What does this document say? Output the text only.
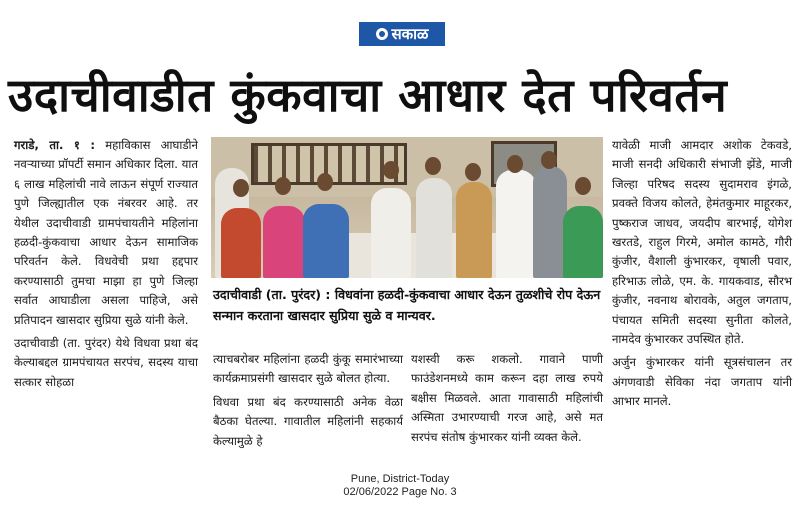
सकाळ
उदाचीवाडीत कुंकवाचा आधार देत परिवर्तन

गराडे, ता. १ : महाविकास आघाडीने नवऱ्याच्या प्रॉपर्टी समान अधिकार दिला. यात ६ लाख महिलांची नावे लाऊन संपूर्ण राज्यात पुणे जिल्ह्यातील एक नंबरवर आहे. तर येथील उदाचीवाडी ग्रामपंचायतीने महिलांना हळदी-कुंकवाचा आधार देऊन सामाजिक परिवर्तन केले. विधवेची प्रथा हद्दपार करण्यासाठी तुमचा माझा हा पुणे जिल्हा सर्वात आघाडीला असला पाहिजे, असे प्रतिपादन खासदार सुप्रिया सुळे यांनी केले.

उदाचीवाडी (ता. पुरंदर) येथे विधवा प्रथा बंद केल्याबद्दल ग्रामपंचायत सरपंच, सदस्य याचा सत्कार सोहळा

उदाचीवाडी (ता. पुरंदर) : विधवांना हळदी-कुंकवाचा आधार देऊन तुळशीचे रोप देऊन सन्मान करताना खासदार सुप्रिया सुळे व मान्यवर.

त्याचबरोबर महिलांना हळदी कुंकू समारंभाच्या कार्यक्रमाप्रसंगी खासदार सुळे बोलत होत्या.

विधवा प्रथा बंद करण्यासाठी अनेक वेळा बैठका घेतल्या. गावातील महिलांनी सहकार्य केल्यामुळे हे

यशस्वी करू शकलो. गावाने पाणी फाउंडेशनमध्ये काम करून दहा लाख रुपये बक्षीस मिळवले. आता गावासाठी महिलांची अस्मिता उभारण्याची गरज आहे, असे मत सरपंच संतोष कुंभारकर यांनी व्यक्त केले.

यावेळी माजी आमदार अशोक टेकवडे, माजी सनदी अधिकारी संभाजी झेंडे, माजी जिल्हा परिषद सदस्य सुदामराव इंगळे, प्रवक्ते विजय कोलते, हेमंतकुमार माहूरकर, पुष्कराज जाधव, जयदीप बारभाई, योगेश खरतडे, राहुल गिरमे, अमोल कामठे, गौरी कुंजीर, वैशाली कुंभारकर, वृषाली पवार, हरिभाऊ लोळे, एम. के. गायकवाड, सौरभ कुंजीर, नवनाथ बोरावके, अतुल जगताप, पंचायत समिती सदस्या सुनीता कोलते, नामदेव कुंभारकर उपस्थित होते.

अर्जुन कुंभारकर यांनी सूत्रसंचालन तर अंगणवाडी सेविका नंदा जगताप यांनी आभार मानले.

Pune, District-Today
02/06/2022 Page No. 3
